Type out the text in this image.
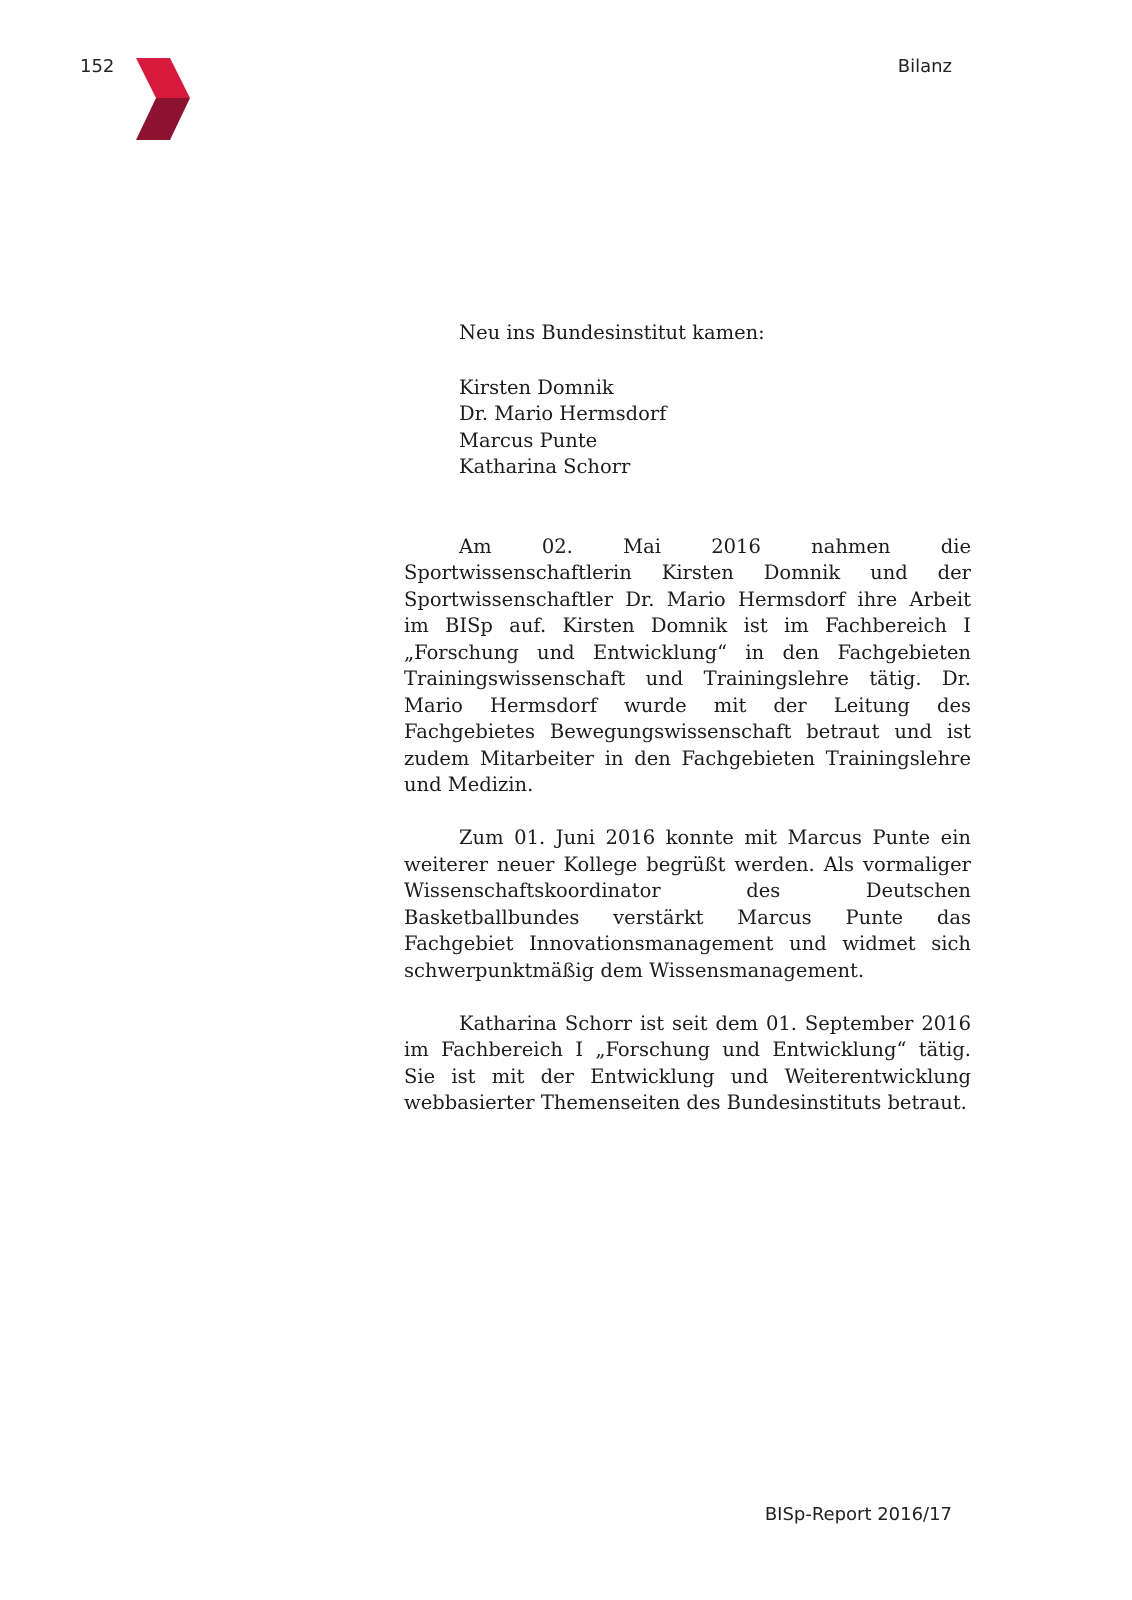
152	Bilanz

Neu ins Bundesinstitut kamen:

Kirsten Domnik
Dr. Mario Hermsdorf
Marcus Punte
Katharina Schorr

Am 02. Mai 2016 nahmen die Sportwissenschaftlerin Kirsten Domnik und der Sportwissenschaftler Dr. Mario Hermsdorf ihre Arbeit im BISp auf. Kirsten Domnik ist im Fachbereich I „Forschung und Entwicklung“ in den Fachgebieten Trainingswissenschaft und Trainingslehre tätig. Dr. Mario Hermsdorf wurde mit der Leitung des Fachgebietes Bewegungswissenschaft betraut und ist zudem Mitarbeiter in den Fachgebieten Trainingslehre und Medizin.

Zum 01. Juni 2016 konnte mit Marcus Punte ein weiterer neuer Kollege begrüßt werden. Als vormaliger Wissenschaftskoordinator des Deutschen Basketballbundes verstärkt Marcus Punte das Fachgebiet Innovationsmanagement und widmet sich schwerpunktmäßig dem Wissensmanagement.

Katharina Schorr ist seit dem 01. September 2016 im Fachbereich I „Forschung und Entwicklung“ tätig. Sie ist mit der Entwicklung und Weiterentwicklung webbasierter Themenseiten des Bundesinstituts betraut.

BISp-Report 2016/17
